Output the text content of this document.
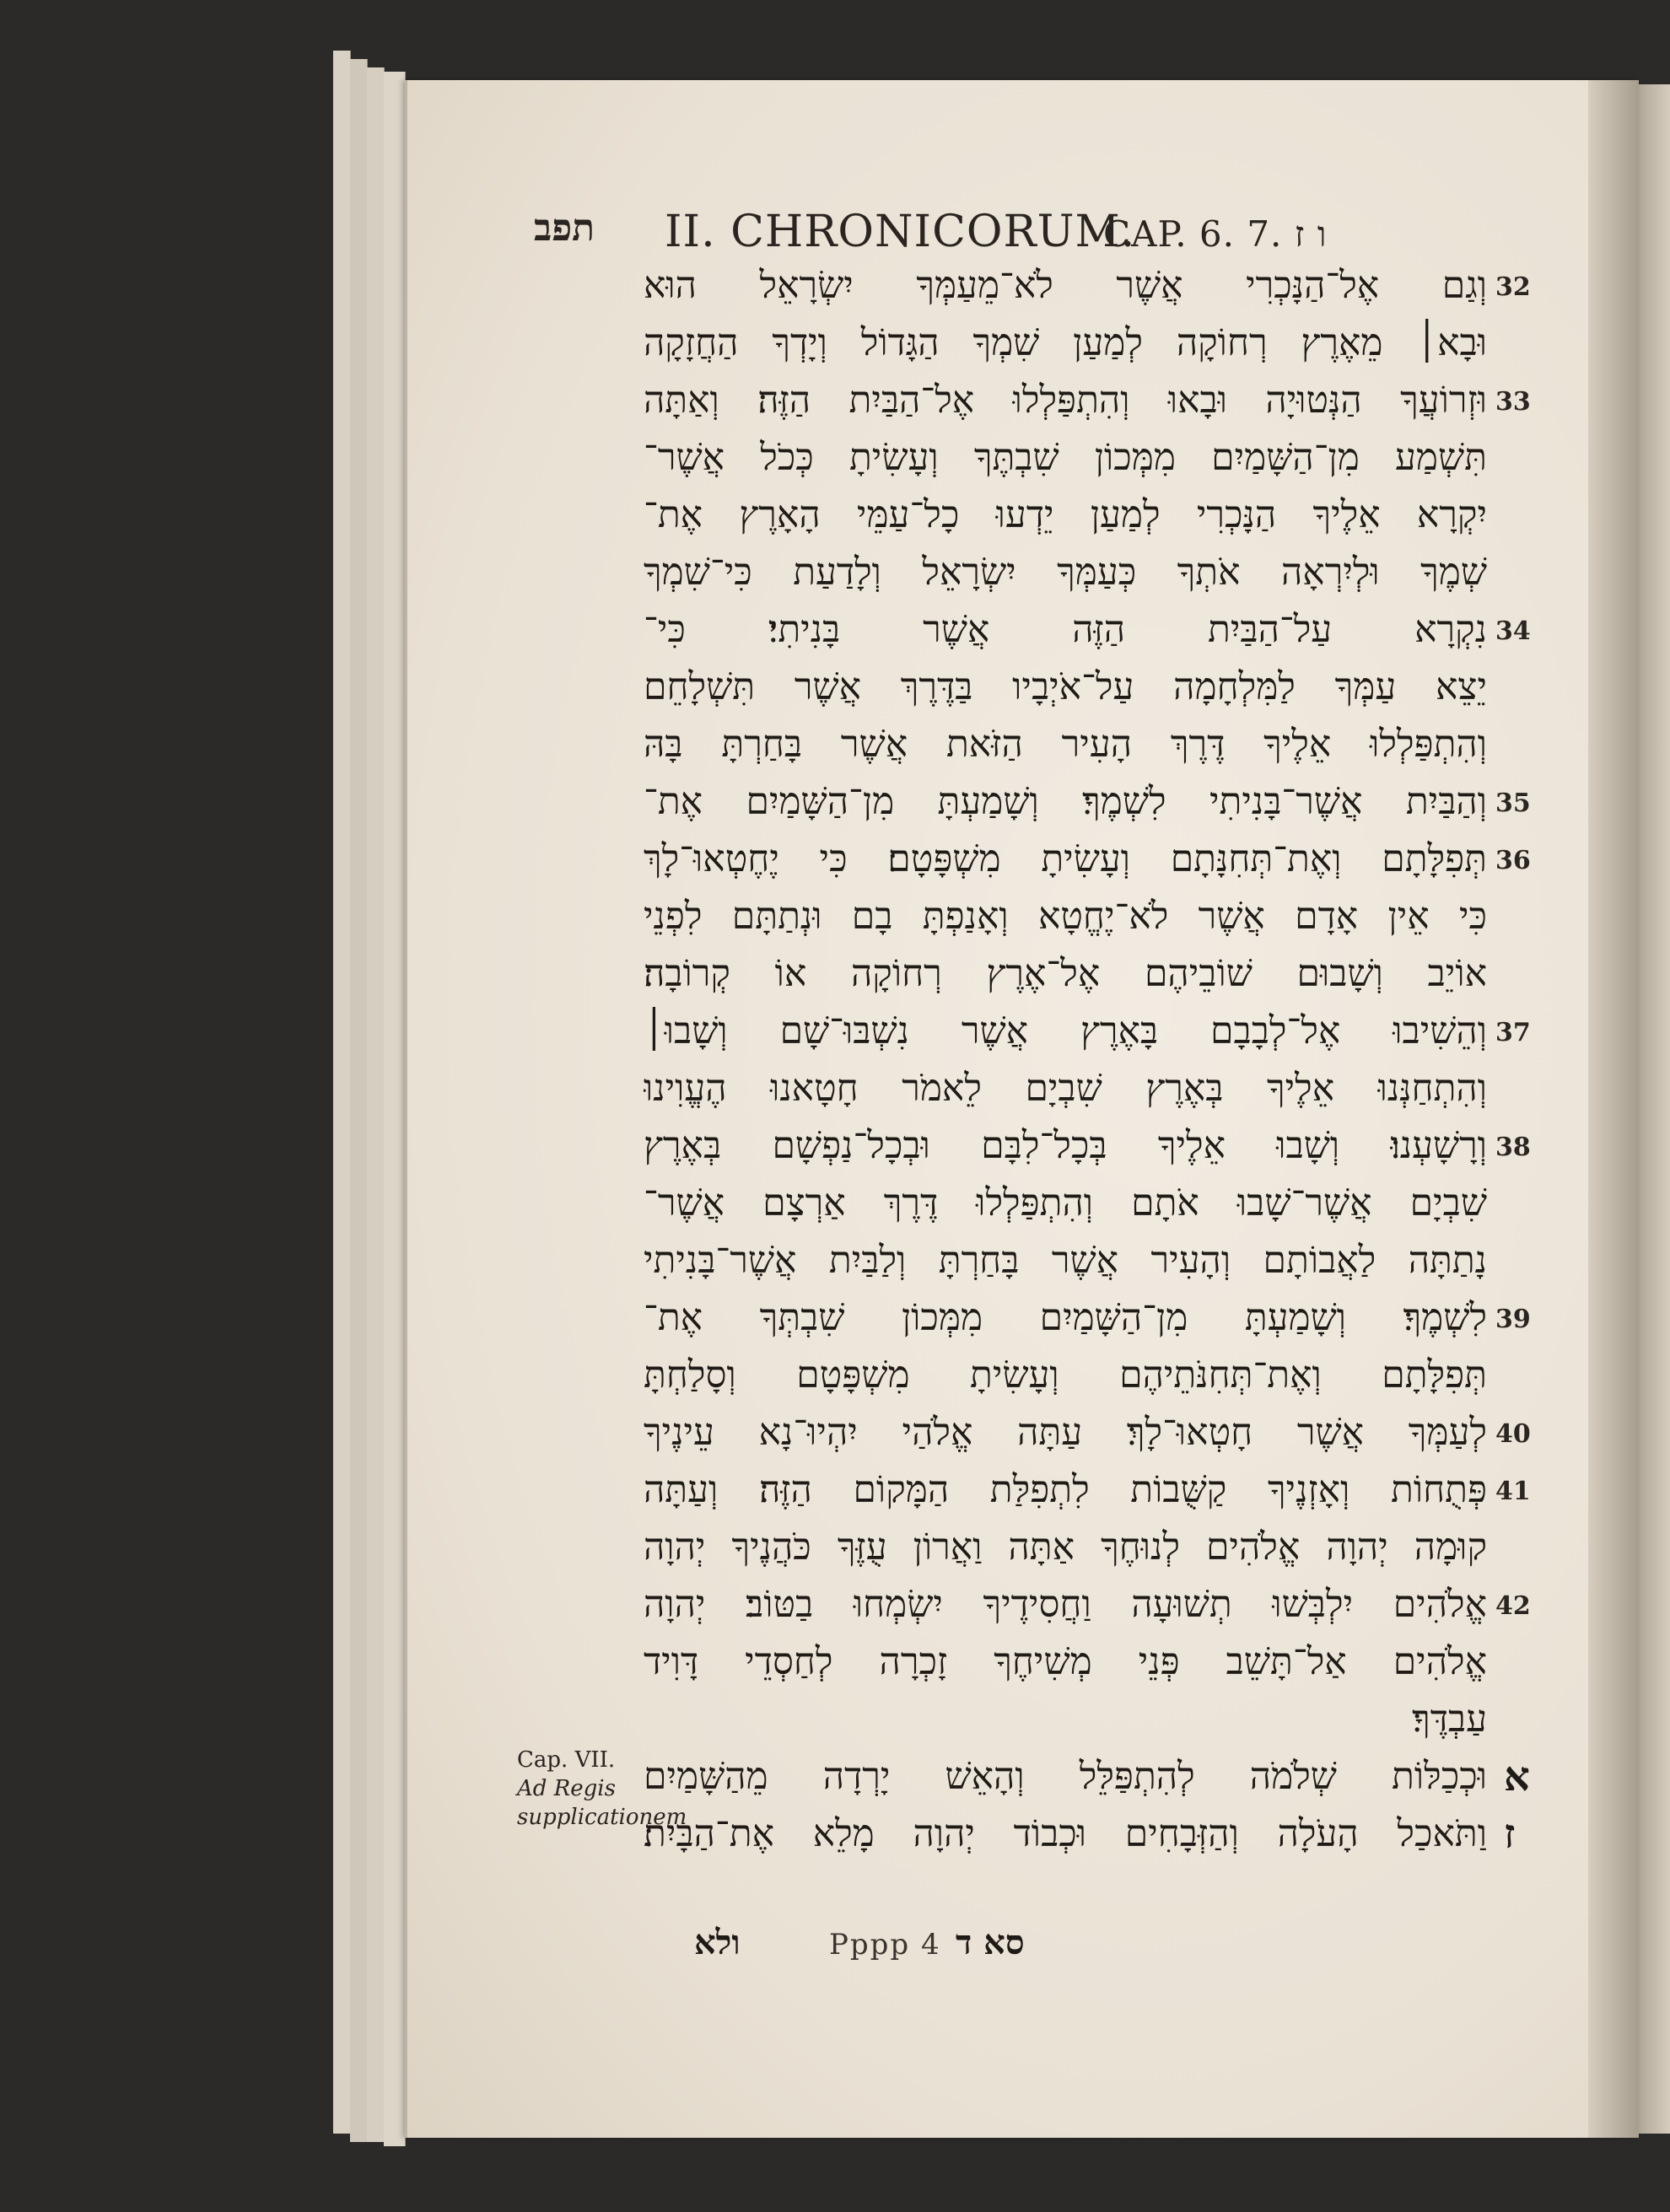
תפב II. CHRONICORUM.
CAP. 6. 7. ו ז
וְגַם אֶל־הַנָּכְרִי אֲשֶׁר לֹא־מֵעַמְּךָ יִשְׂרָאֵל הוּא 32
וּבָא׀ מֵאֶרֶץ רְחוֹקָה לְמַעַן שִׁמְךָ הַגָּדוֹל וְיָדְךָ הַחֲזָקָה
וּזְרוֹעֲךָ הַנְּטוּיָה וּבָאוּ וְהִתְפַּלְלוּ אֶל־הַבַּיִת הַזֶּה׃ וְאַתָּה 33
תִּשְׁמַע מִן־הַשָּׁמַיִם מִמְּכוֹן שִׁבְתֶּךָ וְעָשִׂיתָ כְּכֹל אֲשֶׁר־
יִקְרָא אֵלֶיךָ הַנָּכְרִי לְמַעַן יֵדְעוּ כָל־עַמֵּי הָאָרֶץ אֶת־
שְׁמֶךָ וּלְיִרְאָה אֹתְךָ כְּעַמְּךָ יִשְׂרָאֵל וְלָדַעַת כִּי־שִׁמְךָ
נִקְרָא עַל־הַבַּיִת הַזֶּה אֲשֶׁר בָּנִיתִי׃ כִּי־ 34
יֵצֵא עַמְּךָ לַמִּלְחָמָה עַל־אֹיְבָיו בַּדֶּרֶךְ אֲשֶׁר תִּשְׁלָחֵם
וְהִתְפַּלְלוּ אֵלֶיךָ דֶּרֶךְ הָעִיר הַזֹּאת אֲשֶׁר בָּחַרְתָּ בָּהּ
וְהַבַּיִת אֲשֶׁר־בָּנִיתִי לִשְׁמֶךָ׃ וְשָׁמַעְתָּ מִן־הַשָּׁמַיִם אֶת־ 35
תְּפִלָּתָם וְאֶת־תְּחִנָּתָם וְעָשִׂיתָ מִשְׁפָּטָם׃ כִּי יֶחֶטְאוּ־לָךְ 36
כִּי אֵין אָדָם אֲשֶׁר לֹא־יֶחֱטָא וְאָנַפְתָּ בָם וּנְתַתָּם לִפְנֵי
אוֹיֵב וְשָׁבוּם שׁוֹבֵיהֶם אֶל־אֶרֶץ רְחוֹקָה אוֹ קְרוֹבָה׃
וְהֵשִׁיבוּ אֶל־לְבָבָם בָּאֶרֶץ אֲשֶׁר נִשְׁבּוּ־שָׁם וְשָׁבוּ׀ 37
וְהִתְחַנְּנוּ אֵלֶיךָ בְּאֶרֶץ שִׁבְיָם לֵאמֹר חָטָאנוּ הֶעֱוִינוּ
וְרָשָׁעְנוּ׃ וְשָׁבוּ אֵלֶיךָ בְּכָל־לִבָּם וּבְכָל־נַפְשָׁם בְּאֶרֶץ 38
שִׁבְיָם אֲשֶׁר־שָׁבוּ אֹתָם וְהִתְפַּלְלוּ דֶּרֶךְ אַרְצָם אֲשֶׁר־
נָתַתָּה לַאֲבוֹתָם וְהָעִיר אֲשֶׁר בָּחַרְתָּ וְלַבַּיִת אֲשֶׁר־בָּנִיתִי
לִשְׁמֶךָ׃ וְשָׁמַעְתָּ מִן־הַשָּׁמַיִם מִמְּכוֹן שִׁבְתְּךָ אֶת־ 39
תְּפִלָּתָם וְאֶת־תְּחִנֹּתֵיהֶם וְעָשִׂיתָ מִשְׁפָּטָם וְסָלַחְתָּ
לְעַמְּךָ אֲשֶׁר חָטְאוּ־לָךְ׃ עַתָּה אֱלֹהַי יִהְיוּ־נָא עֵינֶיךָ 40
פְּתֻחוֹת וְאָזְנֶיךָ קַשֻּׁבוֹת לִתְפִלַּת הַמָּקוֹם הַזֶּה׃ וְעַתָּה 41
קוּמָה יְהוָה אֱלֹהִים לְנוּחֶךָ אַתָּה וַאֲרוֹן עֻזֶּךָ כֹּהֲנֶיךָ יְהוָה
אֱלֹהִים יִלְבְּשׁוּ תְשׁוּעָה וַחֲסִידֶיךָ יִשְׂמְחוּ בַטּוֹב׃ יְהוָה 42
אֱלֹהִים אַל־תָּשֵׁב פְּנֵי מְשִׁיחֶךָ זָכְרָה לְחַסְדֵי דָּוִיד
עַבְדֶּךָ׃
וּכְכַלּוֹת שְׁלֹמֹה לְהִתְפַּלֵּל וְהָאֵשׁ יָרְדָה מֵהַשָּׁמַיִם א ז
וַתֹּאכַל הָעֹלָה וְהַזְּבָחִים וּכְבוֹד יְהוָה מָלֵא אֶת־הַבָּיִת׃
Cap. VII.
Ad Regis supplicationem
ולא	Pppp 4 סא ד
